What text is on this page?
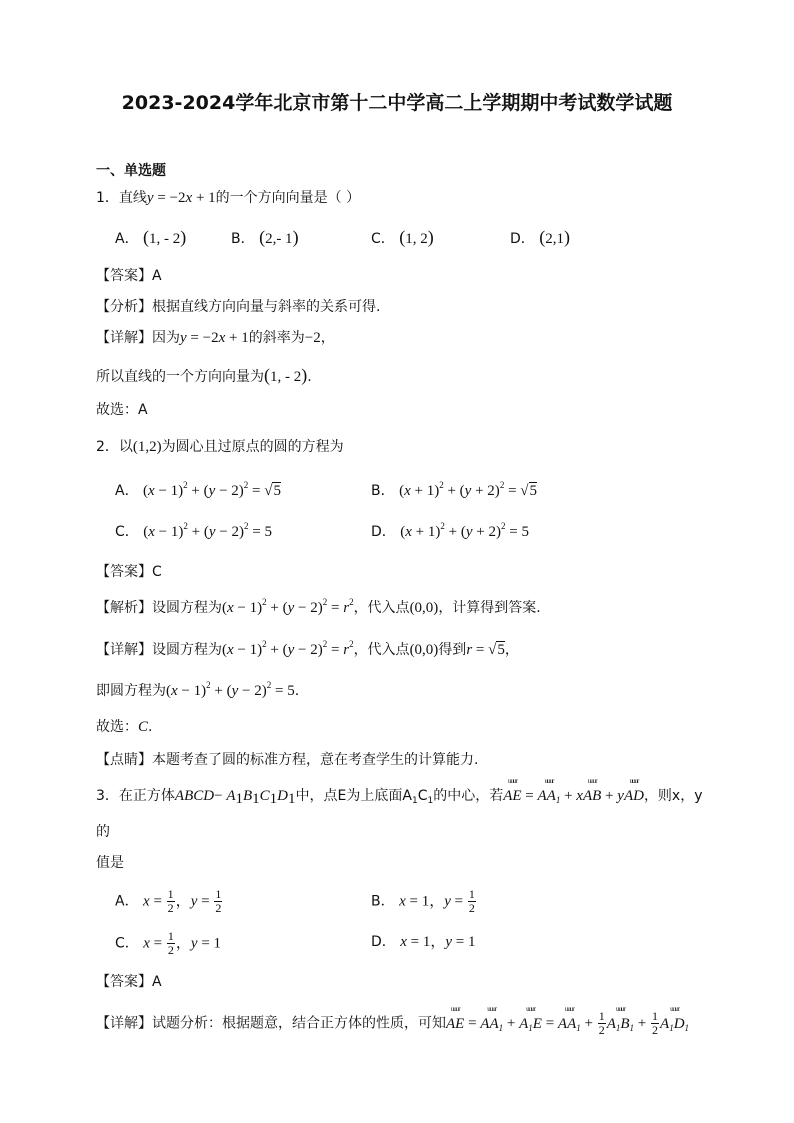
2023-2024学年北京市第十二中学高二上学期期中考试数学试题
一、单选题
1．直线y = −2x + 1的一个方向向量是（ ）
A． (1, - 2)	B． (2,- 1)	C． (1, 2)	D． (2,1)
【答案】A
【分析】根据直线方向向量与斜率的关系可得.
【详解】因为y = −2x + 1的斜率为−2，
所以直线的一个方向向量为(1, - 2).
故选：A
2．以(1,2)为圆心且过原点的圆的方程为
A． $(x - 1)^2 + (y - 2)^2 = √5$	B． $(x + 1)^2 + (y + 2)^2 = √5$
C． $(x - 1)^2 + (y - 2)^2 = 5$	D． $(x + 1)^2 + (y + 2)^2 = 5$
【答案】C
【解析】设圆方程为$(x - 1)^2 + (y - 2)^2 = r^2$，代入点(0,0)，计算得到答案.
【详解】设圆方程为$(x - 1)^2 + (y - 2)^2 = r^2$，代入点(0,0)得到r = √5，
即圆方程为$(x - 1)^2 + (y - 2)^2 = 5$.
故选：C.
【点睛】本题考查了圆的标准方程，意在考查学生的计算能力.
3．在正方体ABCD− $A_1B_1C_1D_1$中，点E为上底面$A_1C_1$的中心，若
uuur
AE =
uuur
$AA_1 + x$
uuur
AB + y
uuur
AD，则x，y
的
值是
A． $x = \frac{1}{2}$ ，$y = \frac{1}{2}$	B． x = 1，$y = \frac{1}{2}$
C． $x = \frac{1}{2}$ ，y = 1	D． x = 1，y = 1
【答案】A
【详解】试题分析：根据题意，结合正方体的性质，可知
uuur
AE =
uuur
$AA_1$ +
uuur
$A_1E$ =
uuur
$AA_1 + \frac{1}{2}$
uuur
$A_1B_1 + \frac{1}{2}$
uuur
$A_1D_1$
